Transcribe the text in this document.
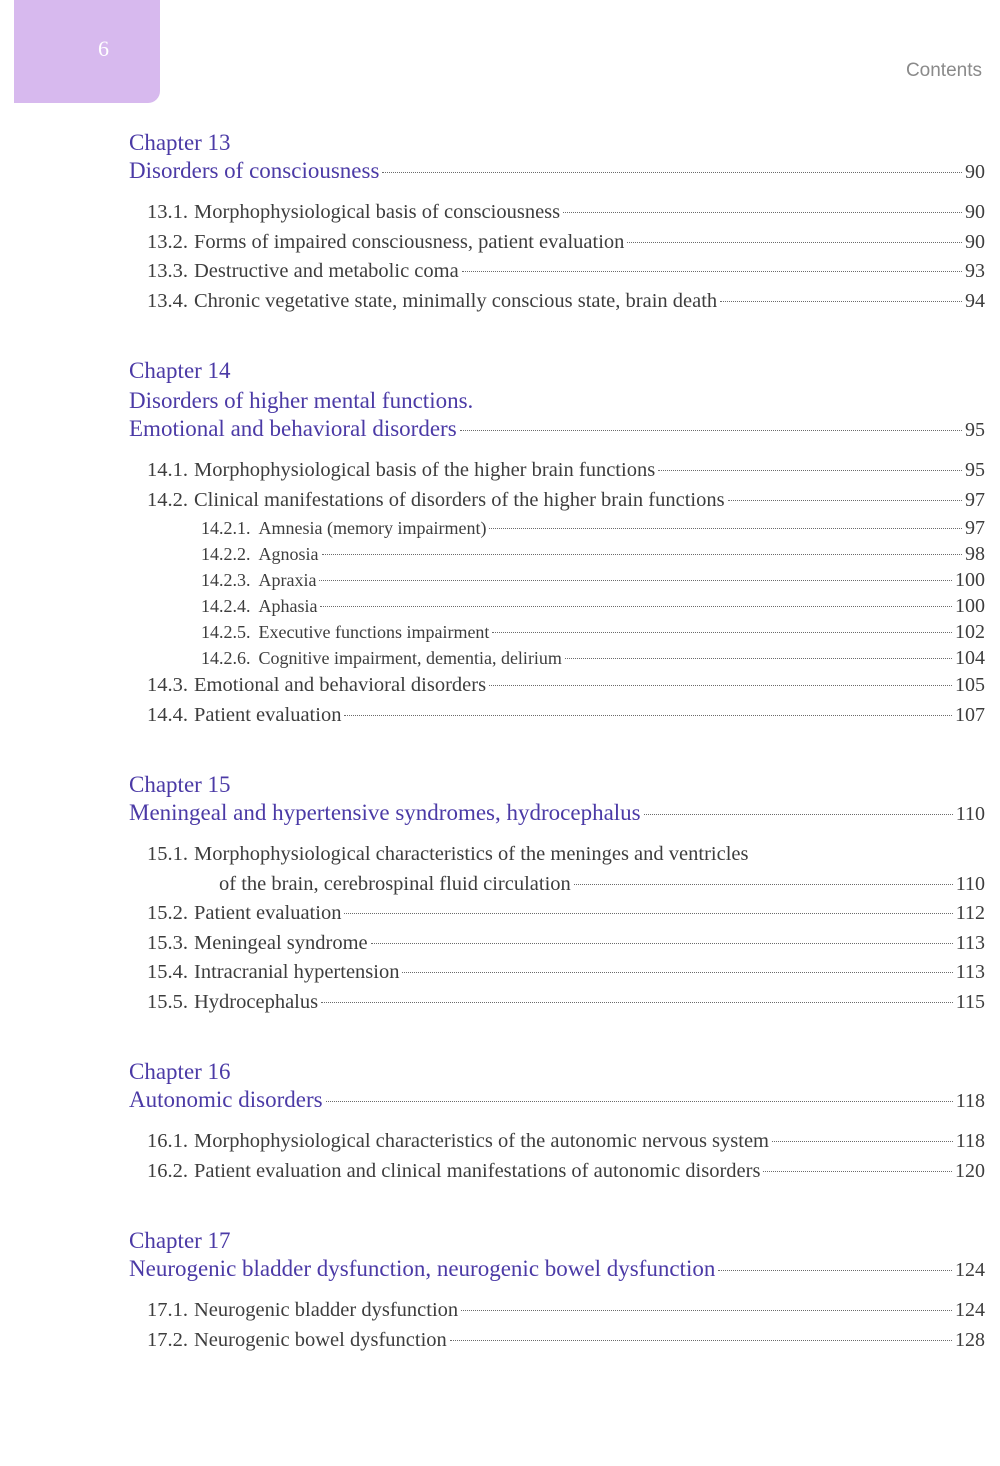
6
Contents
Chapter 13
Disorders of consciousness	90
13.1. Morphophysiological basis of consciousness	90
13.2. Forms of impaired consciousness, patient evaluation	90
13.3. Destructive and metabolic coma	93
13.4. Chronic vegetative state, minimally conscious state, brain death	94
Chapter 14
Disorders of higher mental functions.
Emotional and behavioral disorders	95
14.1. Morphophysiological basis of the higher brain functions	95
14.2. Clinical manifestations of disorders of the higher brain functions	97
14.2.1. Amnesia (memory impairment)	97
14.2.2. Agnosia	98
14.2.3. Apraxia	100
14.2.4. Aphasia	100
14.2.5. Executive functions impairment	102
14.2.6. Cognitive impairment, dementia, delirium	104
14.3. Emotional and behavioral disorders	105
14.4. Patient evaluation	107
Chapter 15
Meningeal and hypertensive syndromes, hydrocephalus	110
15.1. Morphophysiological characteristics of the meninges and ventricles
of the brain, cerebrospinal fluid circulation	110
15.2. Patient evaluation	112
15.3. Meningeal syndrome	113
15.4. Intracranial hypertension	113
15.5. Hydrocephalus	115
Chapter 16
Autonomic disorders	118
16.1. Morphophysiological characteristics of the autonomic nervous system	118
16.2. Patient evaluation and clinical manifestations of autonomic disorders	120
Chapter 17
Neurogenic bladder dysfunction, neurogenic bowel dysfunction	124
17.1. Neurogenic bladder dysfunction	124
17.2. Neurogenic bowel dysfunction	128
